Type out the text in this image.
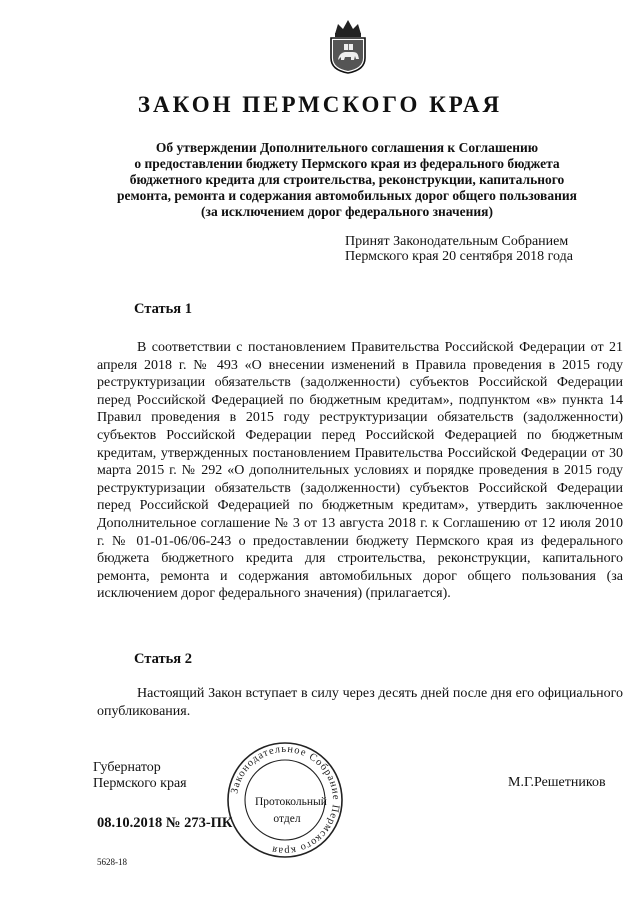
ЗАКОН ПЕРМСКОГО КРАЯ
Об утверждении Дополнительного соглашения к Соглашению
о предоставлении бюджету Пермского края из федерального бюджета
бюджетного кредита для строительства, реконструкции, капитального
ремонта, ремонта и содержания автомобильных дорог общего пользования
(за исключением дорог федерального значения)
Принят Законодательным Собранием
Пермского края 20 сентября 2018 года
Статья 1

В соответствии с постановлением Правительства Российской Федерации от 21 апреля 2018 г. № 493 «О внесении изменений в Правила проведения в 2015 году реструктуризации обязательств (задолженности) субъектов Российской Федерации перед Российской Федерацией по бюджетным кредитам», подпунктом «в» пункта 14 Правил проведения в 2015 году реструктуризации обязательств (задолженности) субъектов Российской Федерации перед Российской Федерацией по бюджетным кредитам, утвержденных постановлением Правительства Российской Федерации от 30 марта 2015 г. № 292 «О дополнительных условиях и порядке проведения в 2015 году реструктуризации обязательств (задолженности) субъектов Российской Федерации перед Российской Федерацией по бюджетным кредитам», утвердить заключенное Дополнительное соглашение № 3 от 13 августа 2018 г. к Соглашению от 12 июля 2010 г. № 01-01-06/06-243 о предоставлении бюджету Пермского края из федерального бюджета бюджетного кредита для строительства, реконструкции, капитального ремонта, ремонта и содержания автомобильных дорог общего пользования (за исключением дорог федерального значения) (прилагается).

Статья 2

Настоящий Закон вступает в силу через десять дней после дня его официального опубликования.

Губернатор
Пермского края	М.Г.Решетников
08.10.2018 № 273-ПК
5628-18
Законодательное Собрание Пермского края
Протокольный
отдел
